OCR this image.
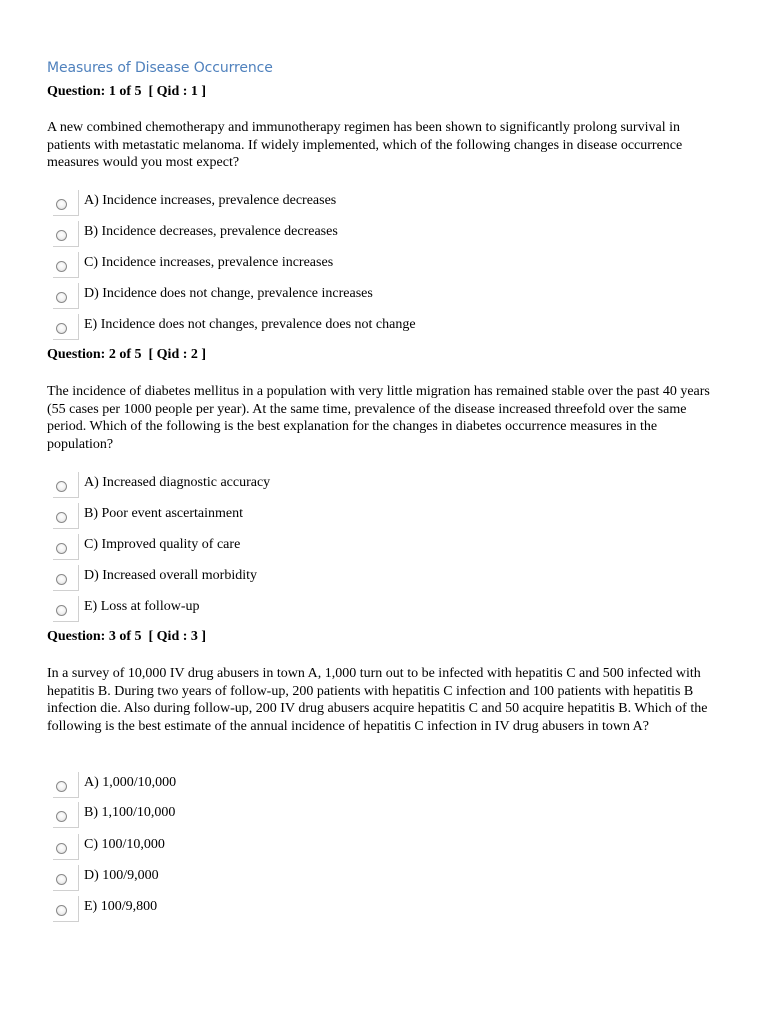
Measures of Disease Occurrence
Question: 1 of 5  [ Qid : 1 ]
A new combined chemotherapy and immunotherapy regimen has been shown to significantly prolong survival in patients with metastatic melanoma. If widely implemented, which of the following changes in disease occurrence measures would you most expect?
A) Incidence increases, prevalence decreases
B) Incidence decreases, prevalence decreases
C) Incidence increases, prevalence increases
D) Incidence does not change, prevalence increases
E) Incidence does not changes, prevalence does not change
Question: 2 of 5  [ Qid : 2 ]
The incidence of diabetes mellitus in a population with very little migration has remained stable over the past 40 years (55 cases per 1000 people per year). At the same time, prevalence of the disease increased threefold over the same period. Which of the following is the best explanation for the changes in diabetes occurrence measures in the population?
A) Increased diagnostic accuracy
B) Poor event ascertainment
C) Improved quality of care
D) Increased overall morbidity
E) Loss at follow-up
Question: 3 of 5  [ Qid : 3 ]
In a survey of 10,000 IV drug abusers in town A, 1,000 turn out to be infected with hepatitis C and 500 infected with hepatitis B. During two years of follow-up, 200 patients with hepatitis C infection and 100 patients with hepatitis B infection die. Also during follow-up, 200 IV drug abusers acquire hepatitis C and 50 acquire hepatitis B. Which of the following is the best estimate of the annual incidence of hepatitis C infection in IV drug abusers in town A?
A) 1,000/10,000
B) 1,100/10,000
C) 100/10,000
D) 100/9,000
E) 100/9,800
